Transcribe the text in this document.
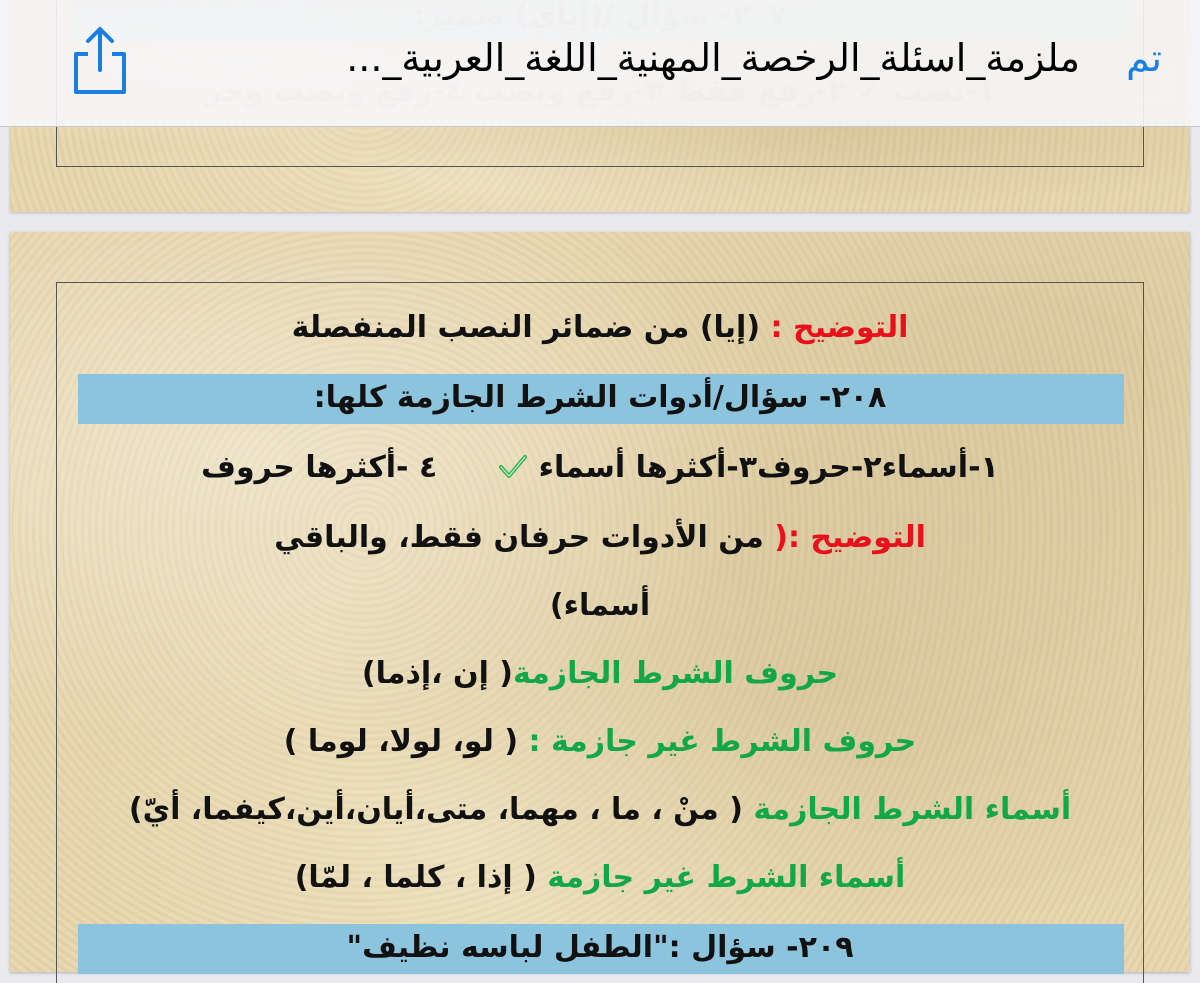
التوضيح : (إيا) من ضمائر النصب المنفصلة
٢٠٨- سؤال/أدوات الشرط الجازمة كلها:
١-أسماء٢-حروف٣-أكثرها أسماء   ٤ -أكثرها حروف
التوضيح :( من الأدوات حرفان فقط، والباقي
أسماء)
حروف الشرط الجازمة( إن ،إذما)
حروف الشرط غير جازمة : ( لو، لولا، لوما )
أسماء الشرط الجازمة ( منْ ، ما ، مهما، متى،أيان،أين،كيفما، أيّ)
أسماء الشرط غير جازمة ( إذا ، كلما ، لمّا)
٢٠٩- سؤال :"الطفل لباسه نظيف"
تم
ملزمة_اسئلة_الرخصة_المهنية_اللغة_العربية_...
